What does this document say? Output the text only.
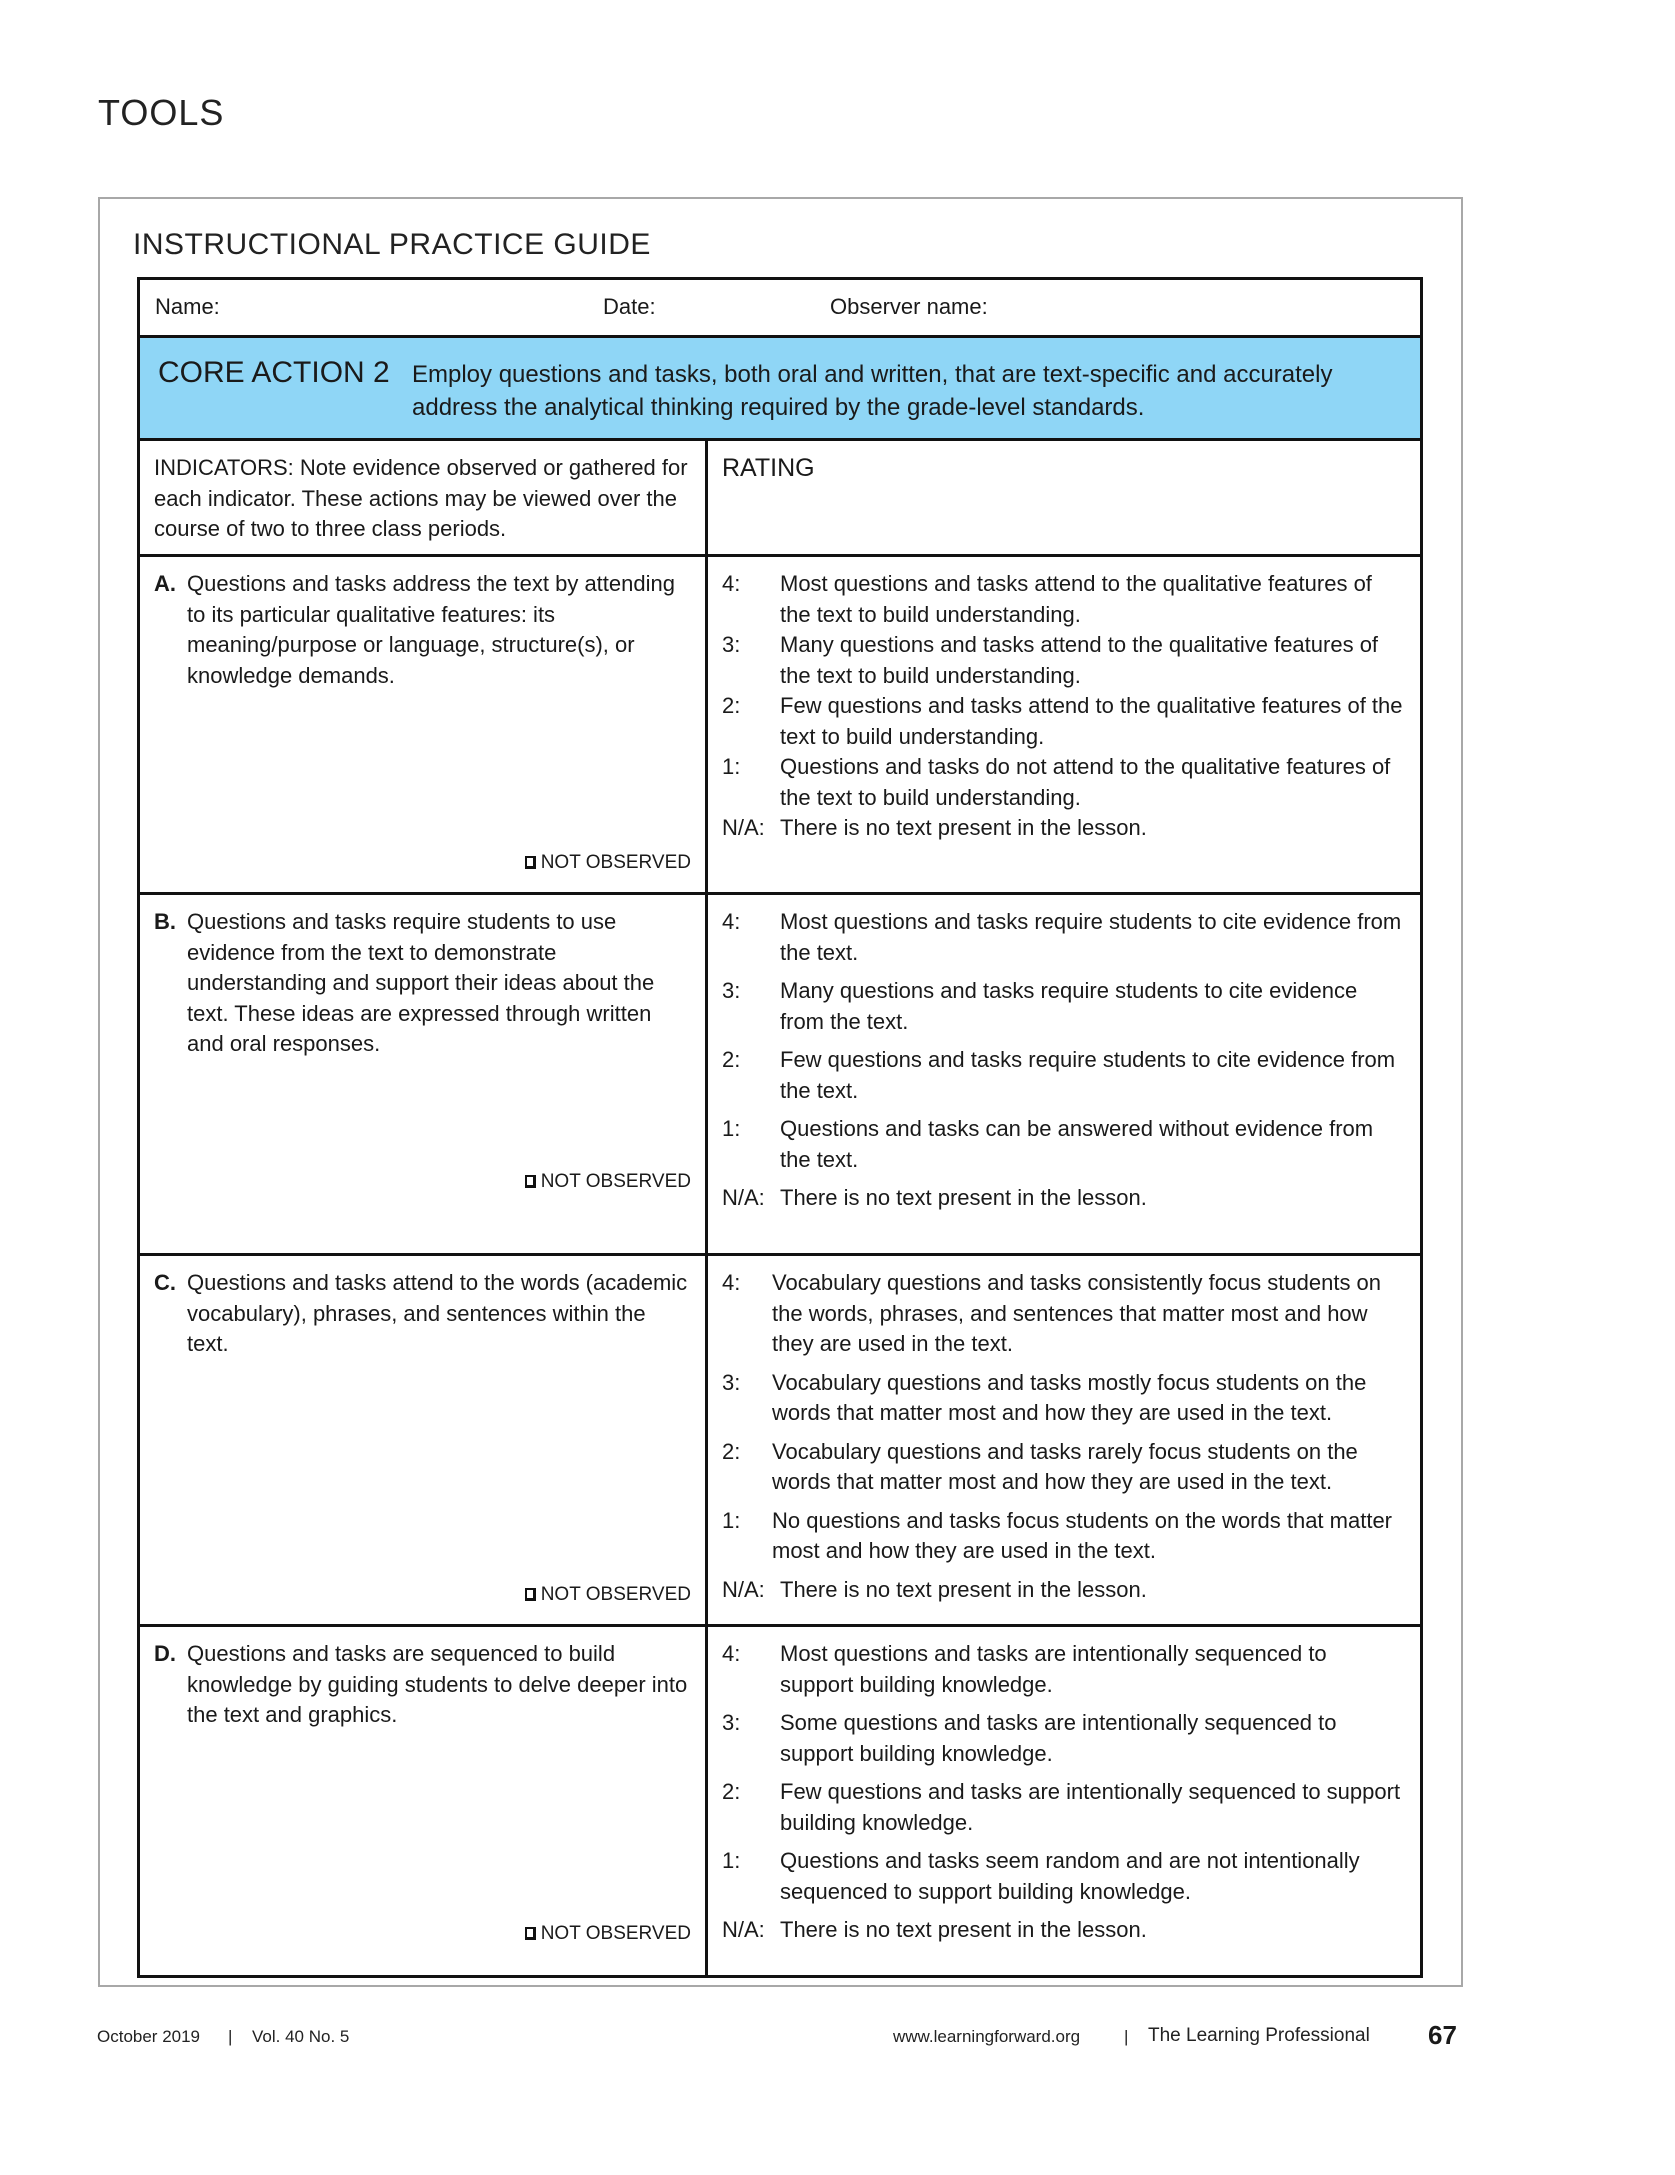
TOOLS
INSTRUCTIONAL PRACTICE GUIDE
Name:	Date:	Observer name:
CORE ACTION 2 Employ questions and tasks, both oral and written, that are text-specific and accurately address the analytical thinking required by the grade-level standards.
INDICATORS: Note evidence observed or gathered for each indicator. These actions may be viewed over the course of two to three class periods.
RATING
A. Questions and tasks address the text by attending to its particular qualitative features: its meaning/purpose or language, structure(s), or knowledge demands.
NOT OBSERVED
4:	Most questions and tasks attend to the qualitative features of the text to build understanding.
3:	Many questions and tasks attend to the qualitative features of the text to build understanding.
2:	Few questions and tasks attend to the qualitative features of the text to build understanding.
1:	Questions and tasks do not attend to the qualitative features of the text to build understanding.
N/A: There is no text present in the lesson.
B. Questions and tasks require students to use evidence from the text to demonstrate understanding and support their ideas about the text. These ideas are expressed through written and oral responses.
NOT OBSERVED
4:	Most questions and tasks require students to cite evidence from the text.
3:	Many questions and tasks require students to cite evidence from the text.
2:	Few questions and tasks require students to cite evidence from the text.
1:	Questions and tasks can be answered without evidence from the text.
N/A: There is no text present in the lesson.
C. Questions and tasks attend to the words (academic vocabulary), phrases, and sentences within the text.
NOT OBSERVED
4:	Vocabulary questions and tasks consistently focus students on the words, phrases, and sentences that matter most and how they are used in the text.
3:	Vocabulary questions and tasks mostly focus students on the words that matter most and how they are used in the text.
2:	Vocabulary questions and tasks rarely focus students on the words that matter most and how they are used in the text.
1:	No questions and tasks focus students on the words that matter most and how they are used in the text.
N/A: There is no text present in the lesson.
D. Questions and tasks are sequenced to build knowledge by guiding students to delve deeper into the text and graphics.
NOT OBSERVED
4:	Most questions and tasks are intentionally sequenced to support building knowledge.
3:	Some questions and tasks are intentionally sequenced to support building knowledge.
2:	Few questions and tasks are intentionally sequenced to support building knowledge.
1:	Questions and tasks seem random and are not intentionally sequenced to support building knowledge.
N/A: There is no text present in the lesson.
October 2019 | Vol. 40 No. 5	www.learningforward.org	| The Learning Professional 67
